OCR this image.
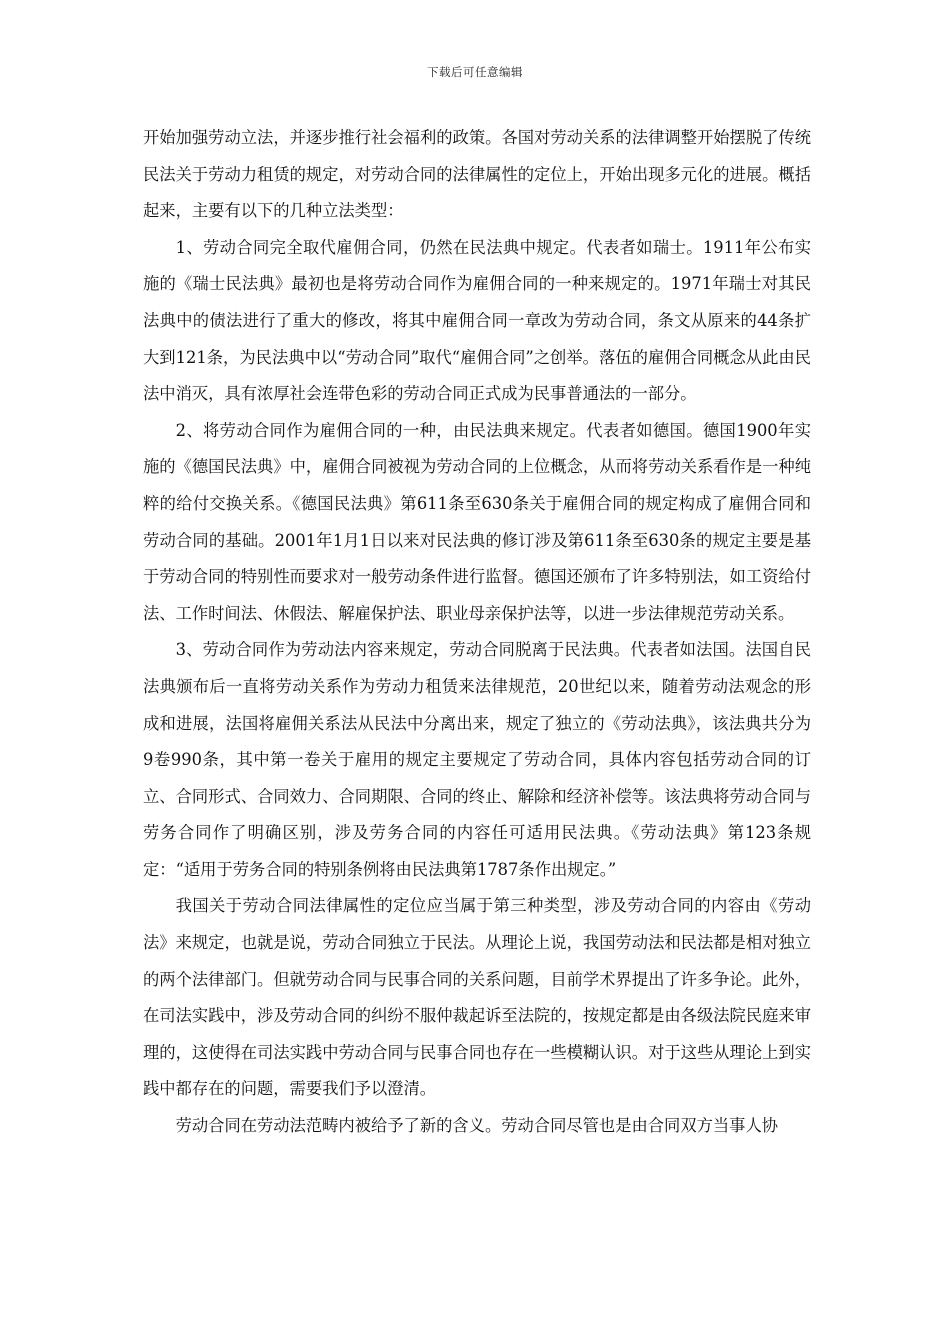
下载后可任意编辑

开始加强劳动立法，并逐步推行社会福利的政策。各国对劳动关系的法律调整开始摆脱了传统民法关于劳动力租赁的规定，对劳动合同的法律属性的定位上，开始出现多元化的进展。概括起来，主要有以下的几种立法类型：

1、劳动合同完全取代雇佣合同，仍然在民法典中规定。代表者如瑞士。1911年公布实施的《瑞士民法典》最初也是将劳动合同作为雇佣合同的一种来规定的。1971年瑞士对其民法典中的债法进行了重大的修改，将其中雇佣合同一章改为劳动合同，条文从原来的44条扩大到121条，为民法典中以“劳动合同”取代“雇佣合同”之创举。落伍的雇佣合同概念从此由民法中消灭，具有浓厚社会连带色彩的劳动合同正式成为民事普通法的一部分。

2、将劳动合同作为雇佣合同的一种，由民法典来规定。代表者如德国。德国1900年实施的《德国民法典》中，雇佣合同被视为劳动合同的上位概念，从而将劳动关系看作是一种纯粹的给付交换关系。《德国民法典》第611条至630条关于雇佣合同的规定构成了雇佣合同和劳动合同的基础。2001年1月1日以来对民法典的修订涉及第611条至630条的规定主要是基于劳动合同的特别性而要求对一般劳动条件进行监督。德国还颁布了许多特别法，如工资给付法、工作时间法、休假法、解雇保护法、职业母亲保护法等，以进一步法律规范劳动关系。

3、劳动合同作为劳动法内容来规定，劳动合同脱离于民法典。代表者如法国。法国自民法典颁布后一直将劳动关系作为劳动力租赁来法律规范，20世纪以来，随着劳动法观念的形成和进展，法国将雇佣关系法从民法中分离出来，规定了独立的《劳动法典》，该法典共分为9卷990条，其中第一卷关于雇用的规定主要规定了劳动合同，具体内容包括劳动合同的订立、合同形式、合同效力、合同期限、合同的终止、解除和经济补偿等。该法典将劳动合同与劳务合同作了明确区别，涉及劳务合同的内容任可适用民法典。《劳动法典》第123条规定：“适用于劳务合同的特别条例将由民法典第1787条作出规定。”

我国关于劳动合同法律属性的定位应当属于第三种类型，涉及劳动合同的内容由《劳动法》来规定，也就是说，劳动合同独立于民法。从理论上说，我国劳动法和民法都是相对独立的两个法律部门。但就劳动合同与民事合同的关系问题，目前学术界提出了许多争论。此外，在司法实践中，涉及劳动合同的纠纷不服仲裁起诉至法院的，按规定都是由各级法院民庭来审理的，这使得在司法实践中劳动合同与民事合同也存在一些模糊认识。对于这些从理论上到实践中都存在的问题，需要我们予以澄清。

劳动合同在劳动法范畴内被给予了新的含义。劳动合同尽管也是由合同双方当事人协
